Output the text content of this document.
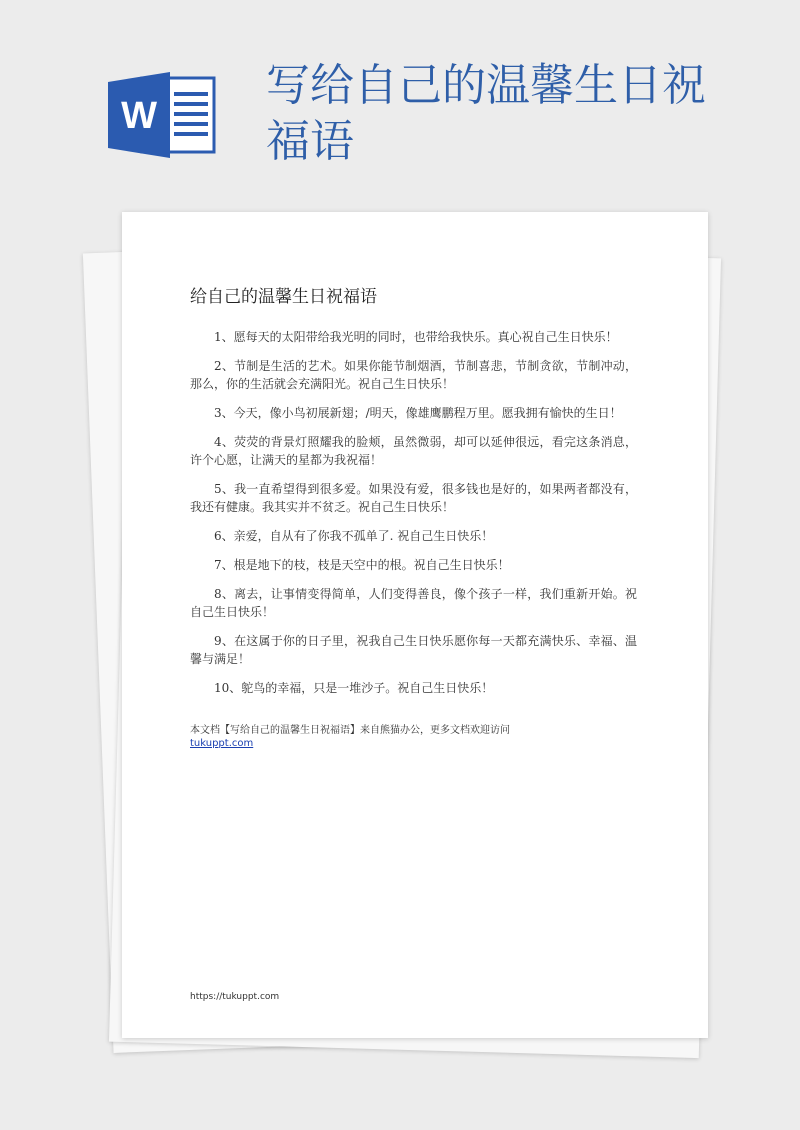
W
写给自己的温馨生日祝福语
给自己的温馨生日祝福语

1、愿每天的太阳带给我光明的同时，也带给我快乐。真心祝自己生日快乐！

2、节制是生活的艺术。如果你能节制烟酒，节制喜悲，节制贪欲，节制冲动，那么，你的生活就会充满阳光。祝自己生日快乐！

3、今天，像小鸟初展新翅；/明天，像雄鹰鹏程万里。愿我拥有愉快的生日！

4、荧荧的背景灯照耀我的脸颊，虽然微弱，却可以延伸很远，看完这条消息，许个心愿，让满天的星都为我祝福！

5、我一直希望得到很多爱。如果没有爱，很多钱也是好的，如果两者都没有，我还有健康。我其实并不贫乏。祝自己生日快乐！

6、亲爱，自从有了你我不孤单了. 祝自己生日快乐！

7、根是地下的枝，枝是天空中的根。祝自己生日快乐！

8、离去，让事情变得简单，人们变得善良，像个孩子一样，我们重新开始。祝自己生日快乐！

9、在这属于你的日子里，祝我自己生日快乐愿你每一天都充满快乐、幸福、温馨与满足！

10、鸵鸟的幸福，只是一堆沙子。祝自己生日快乐！

本文档【写给自己的温馨生日祝福语】来自熊猫办公，更多文档欢迎访问
tukuppt.com
https://tukuppt.com
